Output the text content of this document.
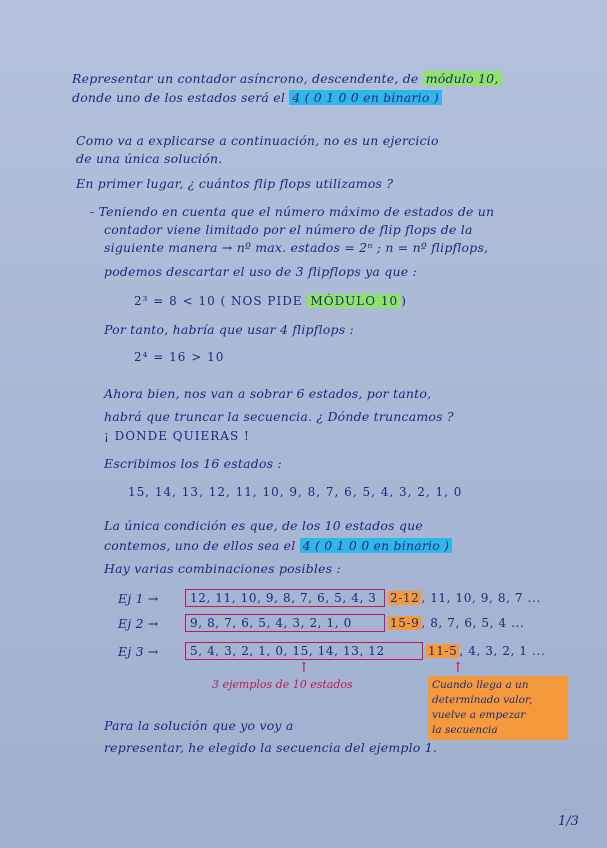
Representar un contador asíncrono, descendente, de módulo 10,
donde uno de los estados será el 4 ( 0 1 0 0 en binario )
Como va a explicarse a continuación, no es un ejercicio
de una única solución.
En primer lugar, ¿ cuántos flip flops utilizamos ?
- Teniendo en cuenta que el número máximo de estados de un
contador viene limitado por el número de flip flops de la
siguiente manera → nº max. estados = 2ⁿ ; n = nº flipflops,
podemos descartar el uso de 3 flipflops ya que :
2³ = 8 < 10 ( NOS PIDE MÓDULO 10 )
Por tanto, habría que usar 4 flipflops :
2⁴ = 16 > 10
Ahora bien, nos van a sobrar 6 estados, por tanto,
habrá que truncar la secuencia. ¿ Dónde truncamos ?
¡ DONDE QUIERAS !
Escribimos los 16 estados :
15, 14, 13, 12, 11, 10, 9, 8, 7, 6, 5, 4, 3, 2, 1, 0
La única condición es que, de los 10 estados que
contemos, uno de ellos sea el 4 ( 0 1 0 0 en binario )
Hay varias combinaciones posibles :
Ej 1 →	12, 11, 10, 9, 8, 7, 6, 5, 4, 3	2-12 , 11, 10, 9, 8, 7 ...
Ej 2 →	9, 8, 7, 6, 5, 4, 3, 2, 1, 0	15-9 , 8, 7, 6, 5, 4 ...
Ej 3 →	5, 4, 3, 2, 1, 0, 15, 14, 13, 12	11-5 , 4, 3, 2, 1 ...
↑	↑
3 ejemplos de 10 estados	Cuando llega a un
determinado valor,
vuelve a empezar
la secuencia
Para la solución que yo voy a
representar, he elegido la secuencia del ejemplo 1.
1/3
